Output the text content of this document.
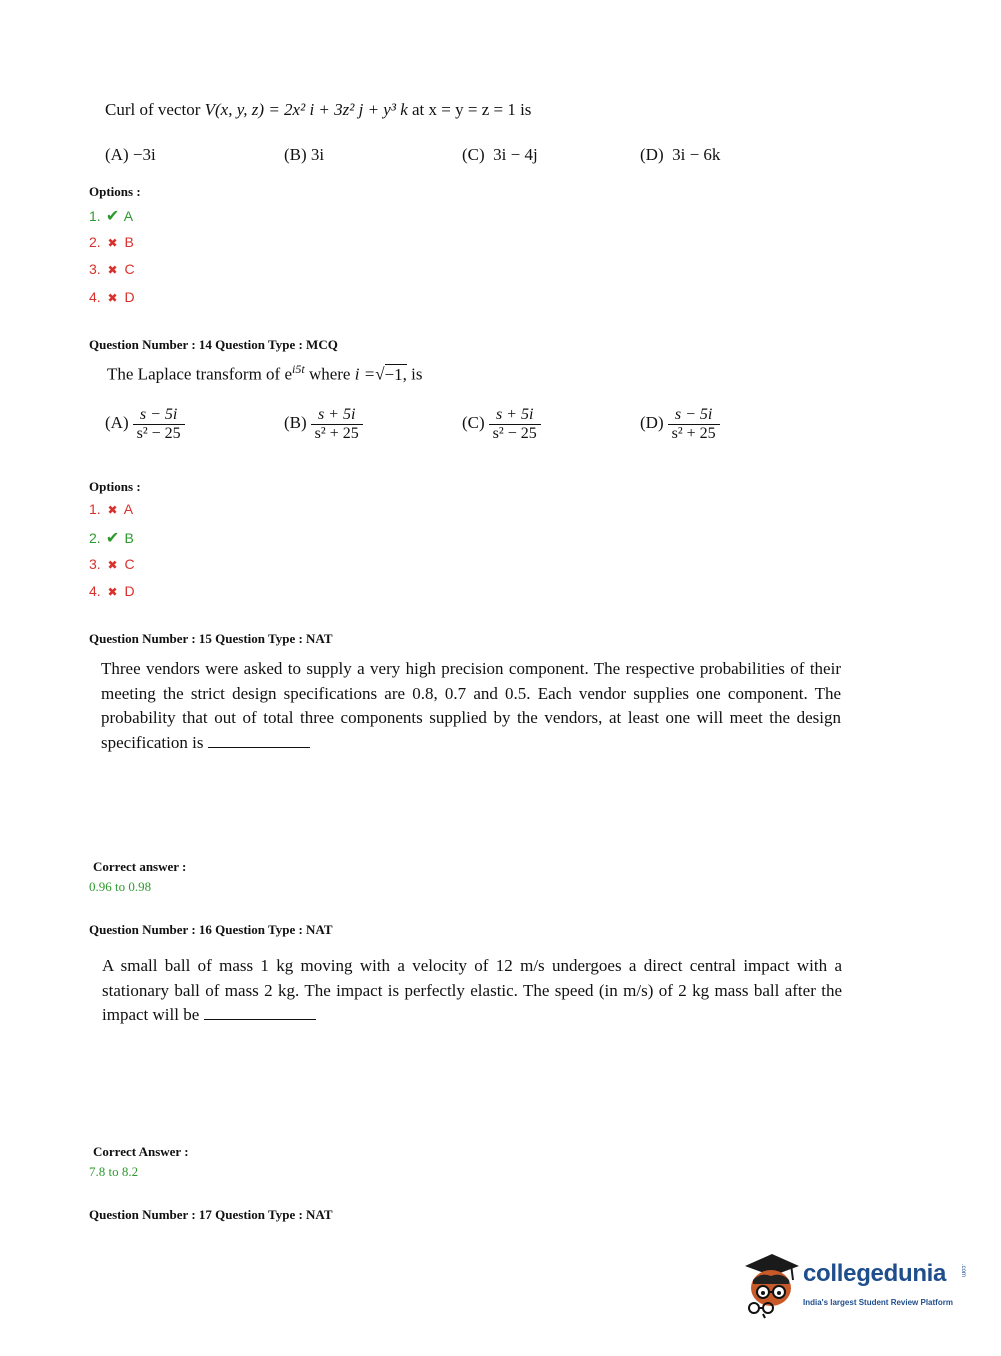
Curl of vector V(x, y, z) = 2x² i + 3z² j + y³ k at x = y = z = 1 is
(A) −3i	(B) 3i	(C) 3i − 4j	(D) 3i − 6k
Options :
1. ✔ A
2. ✖ B
3. ✖ C
4. ✖ D
Question Number : 14 Question Type : MCQ
The Laplace transform of $e^{i5t}$ where i =√−1, is
$(A) \frac{s - 5i}{\text{s² − 25}}$	$(B) \frac{s + 5i}{\text{s² + 25}}$	$(C) \frac{s + 5i}{\text{s² − 25}}$	$(D) \frac{s - 5i}{\text{s² + 25}}$
Options :
1. ✖ A
2. ✔ B
3. ✖ C
4. ✖ D
Question Number : 15 Question Type : NAT
Three vendors were asked to supply a very high precision component. The respective probabilities of their meeting the strict design specifications are 0.8, 0.7 and 0.5. Each vendor supplies one component. The probability that out of total three components supplied by the vendors, at least one will meet the design specification is
Correct answer :
0.96 to 0.98
Question Number : 16 Question Type : NAT
A small ball of mass 1 kg moving with a velocity of 12 m/s undergoes a direct central impact with a stationary ball of mass 2 kg. The impact is perfectly elastic. The speed (in m/s) of 2 kg mass ball after the impact will be
Correct Answer :
7.8 to 8.2
Question Number : 17 Question Type : NAT
collegedunia .com
India's largest Student Review Platform
